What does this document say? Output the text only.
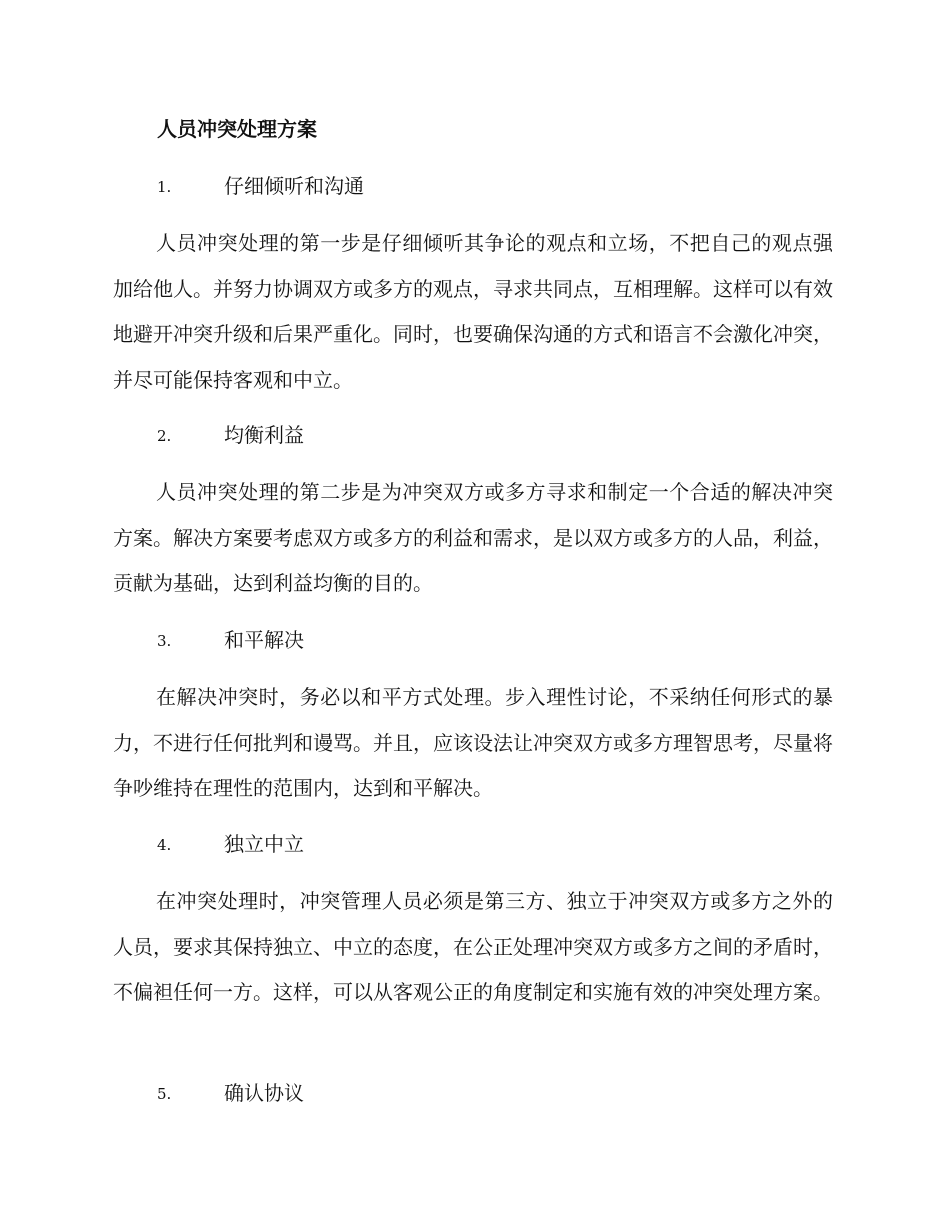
人员冲突处理方案
1.	仔细倾听和沟通

人员冲突处理的第一步是仔细倾听其争论的观点和立场，不把自己的观点强加给他人。并努力协调双方或多方的观点，寻求共同点，互相理解。这样可以有效地避开冲突升级和后果严重化。同时，也要确保沟通的方式和语言不会激化冲突，并尽可能保持客观和中立。

2.	均衡利益

人员冲突处理的第二步是为冲突双方或多方寻求和制定一个合适的解决冲突方案。解决方案要考虑双方或多方的利益和需求，是以双方或多方的人品，利益，贡献为基础，达到利益均衡的目的。

3.	和平解决

在解决冲突时，务必以和平方式处理。步入理性讨论，不采纳任何形式的暴力，不进行任何批判和谩骂。并且，应该设法让冲突双方或多方理智思考，尽量将争吵维持在理性的范围内，达到和平解决。

4.	独立中立

在冲突处理时，冲突管理人员必须是第三方、独立于冲突双方或多方之外的人员，要求其保持独立、中立的态度，在公正处理冲突双方或多方之间的矛盾时，不偏袒任何一方。这样，可以从客观公正的角度制定和实施有效的冲突处理方案。

5.	确认协议
